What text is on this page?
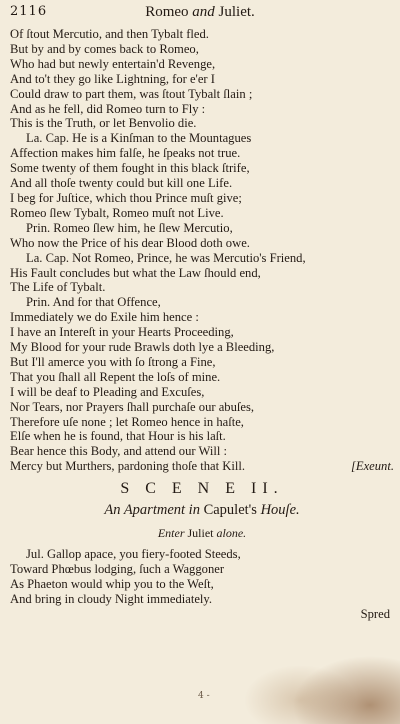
2116	Romeo and Juliet.
Of ſtout Mercutio, and then Tybalt fled.
But by and by comes back to Romeo,
Who had but newly entertain'd Revenge,
And to't they go like Lightning, for e'er I
Could draw to part them, was ſtout Tybalt ſlain ;
And as he fell, did Romeo turn to Fly :
This is the Truth, or let Benvolio die.
La. Cap. He is a Kinſman to the Mountagues
Affection makes him falſe, he ſpeaks not true.
Some twenty of them fought in this black ſtrife,
And all thoſe twenty could but kill one Life.
I beg for Juſtice, which thou Prince muſt give;
Romeo ſlew Tybalt, Romeo muſt not Live.
Prin. Romeo ſlew him, he ſlew Mercutio,
Who now the Price of his dear Blood doth owe.
La. Cap. Not Romeo, Prince, he was Mercutio's Friend,
His Fault concludes but what the Law ſhould end,
The Life of Tybalt.
Prin. And for that Offence,
Immediately we do Exile him hence :
I have an Intereſt in your Hearts Proceeding,
My Blood for your rude Brawls doth lye a Bleeding,
But I'll amerce you with ſo ſtrong a Fine,
That you ſhall all Repent the loſs of mine.
I will be deaf to Pleading and Excuſes,
Nor Tears, nor Prayers ſhall purchaſe our abuſes,
Therefore uſe none ; let Romeo hence in haſte,
Elſe when he is found, that Hour is his laſt.
Bear hence this Body, and attend our Will :
Mercy but Murthers, pardoning thoſe that Kill.	[Exeunt.
S C E N E II.
An Apartment in Capulet's Houſe.
Enter Juliet alone.
Jul. Gallop apace, you fiery-footed Steeds,
Toward Phœbus lodging, ſuch a Waggoner
As Phaeton would whip you to the Weſt,
And bring in cloudy Night immediately.
Spred
4 -
